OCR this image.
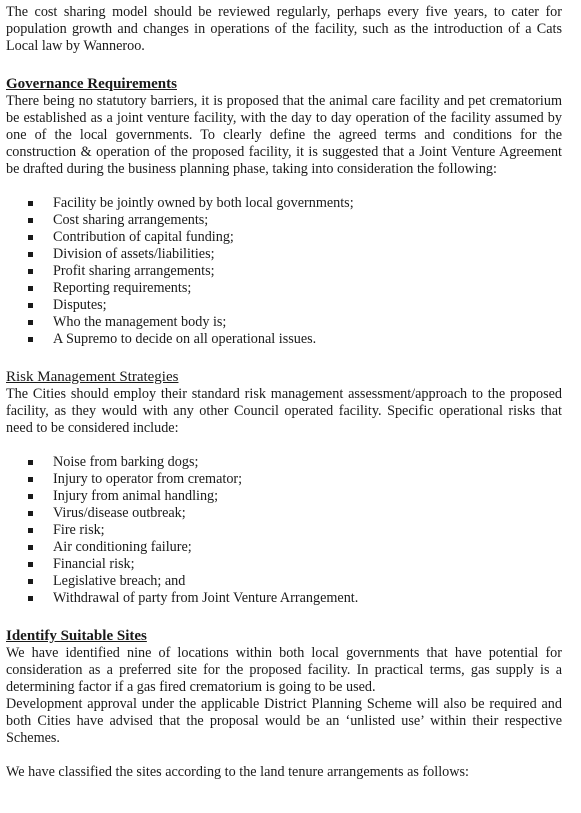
The cost sharing model should be reviewed regularly, perhaps every five years, to cater for population growth and changes in operations of the facility, such as the introduction of a Cats Local law by Wanneroo.

Governance Requirements

There being no statutory barriers, it is proposed that the animal care facility and pet crematorium be established as a joint venture facility, with the day to day operation of the facility assumed by one of the local governments. To clearly define the agreed terms and conditions for the construction & operation of the proposed facility, it is suggested that a Joint Venture Agreement be drafted during the business planning phase, taking into consideration the following:

Facility be jointly owned by both local governments;
Cost sharing arrangements;
Contribution of capital funding;
Division of assets/liabilities;
Profit sharing arrangements;
Reporting requirements;
Disputes;
Who the management body is;
A Supremo to decide on all operational issues.
Risk Management Strategies

The Cities should employ their standard risk management assessment/approach to the proposed facility, as they would with any other Council operated facility. Specific operational risks that need to be considered include:

Noise from barking dogs;
Injury to operator from cremator;
Injury from animal handling;
Virus/disease outbreak;
Fire risk;
Air conditioning failure;
Financial risk;
Legislative breach; and
Withdrawal of party from Joint Venture Arrangement.
Identify Suitable Sites

We have identified nine of locations within both local governments that have potential for consideration as a preferred site for the proposed facility. In practical terms, gas supply is a determining factor if a gas fired crematorium is going to be used.

Development approval under the applicable District Planning Scheme will also be required and both Cities have advised that the proposal would be an ‘unlisted use’ within their respective Schemes.

We have classified the sites according to the land tenure arrangements as follows:
